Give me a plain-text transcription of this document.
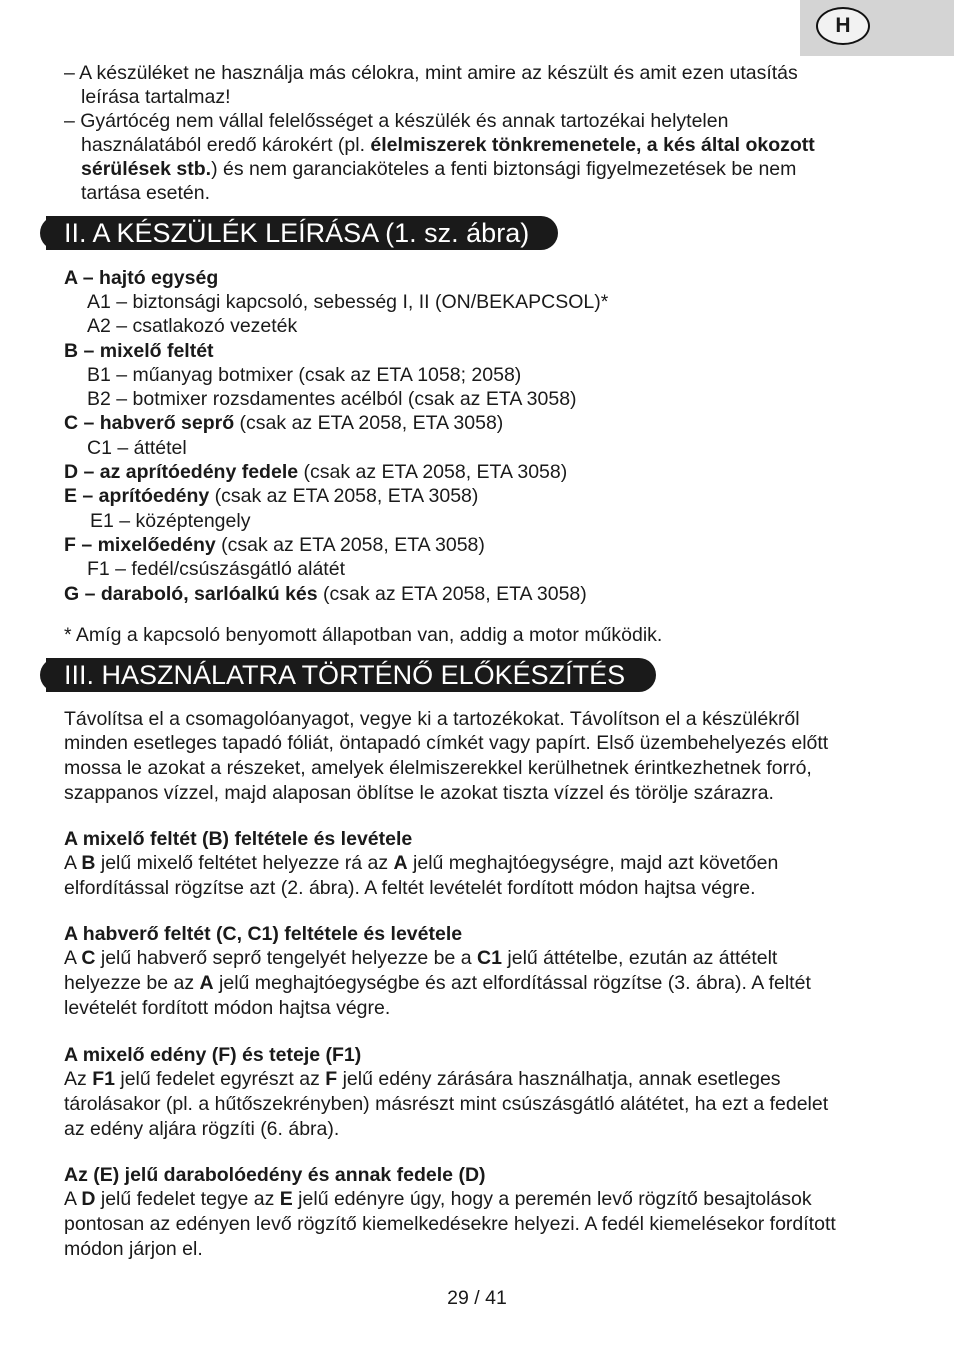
H
– A készüléket ne használja más célokra, mint amire az készült és amit ezen utasítás
leírása tartalmaz!
– Gyártócég nem vállal felelősséget a készülék és annak tartozékai helytelen
használatából eredő károkért (pl. élelmiszerek tönkremenetele, a kés által okozott
sérülések stb.) és nem garanciaköteles a fenti biztonsági figyelmezetések be nem
tartása esetén.
II. A KÉSZÜLÉK LEÍRÁSA (1. sz. ábra)
A – hajtó egység
A1 – biztonsági kapcsoló, sebesség I, II (ON/BEKAPCSOL)*
A2 – csatlakozó vezeték
B – mixelő feltét
B1 – műanyag botmixer (csak az ETA 1058; 2058)
B2 – botmixer rozsdamentes acélból (csak az ETA 3058)
C – habverő seprő (csak az ETA 2058, ETA 3058)
C1 – áttétel
D – az aprítóedény fedele (csak az ETA 2058, ETA 3058)
E – aprítóedény (csak az ETA 2058, ETA 3058)
E1 – középtengely
F – mixelőedény (csak az ETA 2058, ETA 3058)
F1 – fedél/csúszásgátló alátét
G – daraboló, sarlóalkú kés (csak az ETA 2058, ETA 3058)
* Amíg a kapcsoló benyomott állapotban van, addig a motor működik.
III. HASZNÁLATRA TÖRTÉNŐ ELŐKÉSZÍTÉS
Távolítsa el a csomagolóanyagot, vegye ki a tartozékokat. Távolítson el a készülékről
minden esetleges tapadó fóliát, öntapadó címkét vagy papírt. Első üzembehelyezés előtt
mossa le azokat a részeket, amelyek élelmiszerekkel kerülhetnek érintkezhetnek forró,
szappanos vízzel, majd alaposan öblítse le azokat tiszta vízzel és törölje szárazra.
A mixelő feltét (B) feltétele és levétele
A B jelű mixelő feltétet helyezze rá az A jelű meghajtóegységre, majd azt követően
elfordítással rögzítse azt (2. ábra). A feltét levételét fordított módon hajtsa végre.
A habverő feltét (C, C1) feltétele és levétele
A C jelű habverő seprő tengelyét helyezze be a C1 jelű áttételbe, ezután az áttételt
helyezze be az A jelű meghajtóegységbe és azt elfordítással rögzítse (3. ábra). A feltét
levételét fordított módon hajtsa végre.
A mixelő edény (F) és teteje (F1)
Az F1 jelű fedelet egyrészt az F jelű edény zárására használhatja, annak esetleges
tárolásakor (pl. a hűtőszekrényben) másrészt mint csúszásgátló alátétet, ha ezt a fedelet
az edény aljára rögzíti (6. ábra).
Az (E) jelű darabolóedény és annak fedele (D)
A D jelű fedelet tegye az E jelű edényre úgy, hogy a peremén levő rögzítő besajtolások
pontosan az edényen levő rögzítő kiemelkedésekre helyezi. A fedél kiemelésekor fordított
módon járjon el.
29 / 41
